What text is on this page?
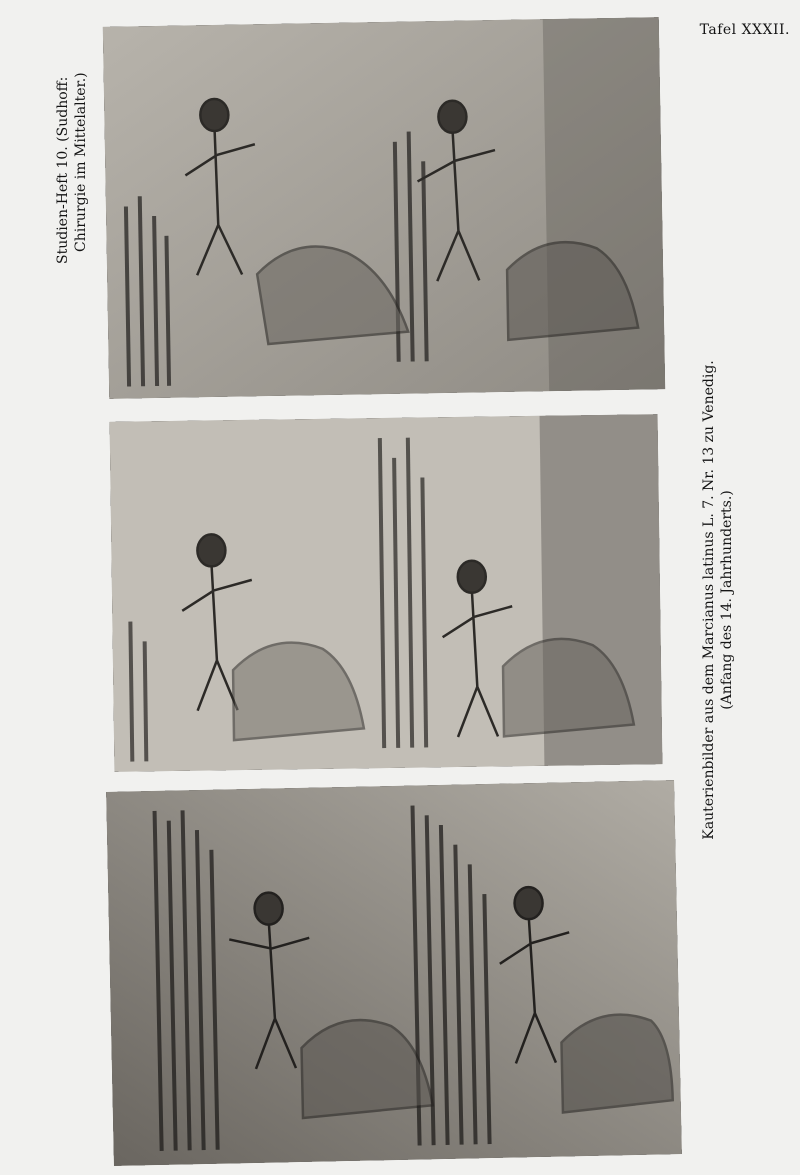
Tafel XXXII.
Studien-Heft 10. (Sudhoff: Chirurgie im Mittelalter.)
Kauterienbilder aus dem Marcianus latinus L. 7. Nr. 13 zu Venedig. (Anfang des 14. Jahrhunderts.)
